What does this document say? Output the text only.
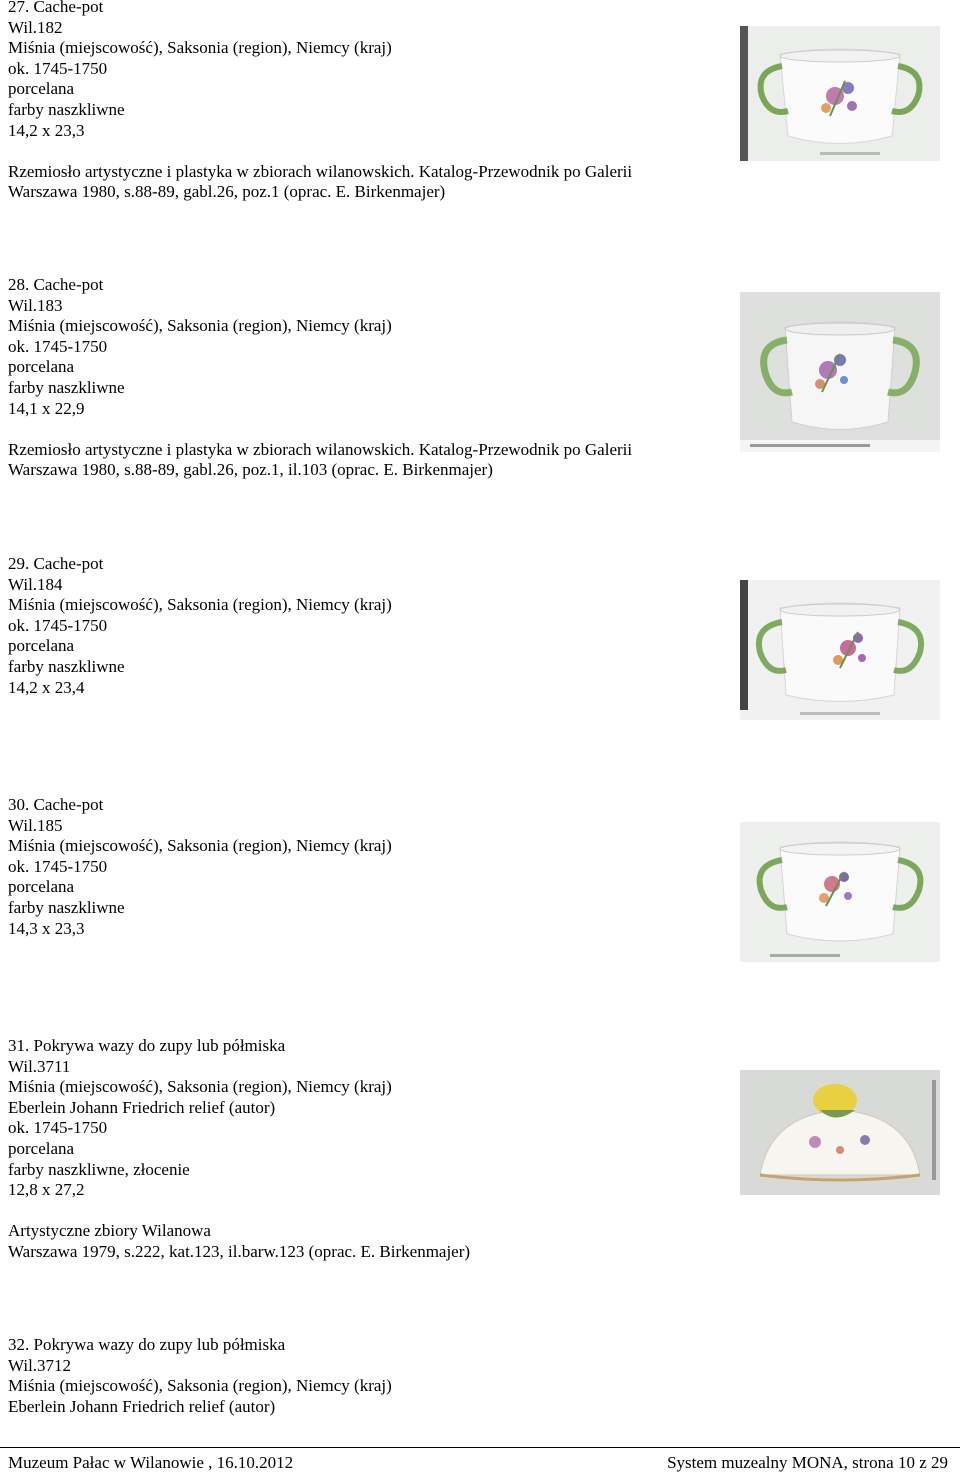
27. Cache-pot
Wil.182
Miśnia (miejscowość), Saksonia (region), Niemcy (kraj)
ok. 1745-1750
porcelana
farby naszkliwne
14,2 x 23,3
Rzemiosło artystyczne i plastyka w zbiorach wilanowskich. Katalog-Przewodnik po Galerii
Warszawa 1980, s.88-89, gabl.26, poz.1 (oprac. E. Birkenmajer)
28. Cache-pot
Wil.183
Miśnia (miejscowość), Saksonia (region), Niemcy (kraj)
ok. 1745-1750
porcelana
farby naszkliwne
14,1 x 22,9
Rzemiosło artystyczne i plastyka w zbiorach wilanowskich. Katalog-Przewodnik po Galerii
Warszawa 1980, s.88-89, gabl.26, poz.1, il.103 (oprac. E. Birkenmajer)
29. Cache-pot
Wil.184
Miśnia (miejscowość), Saksonia (region), Niemcy (kraj)
ok. 1745-1750
porcelana
farby naszkliwne
14,2 x 23,4
30. Cache-pot
Wil.185
Miśnia (miejscowość), Saksonia (region), Niemcy (kraj)
ok. 1745-1750
porcelana
farby naszkliwne
14,3 x 23,3
31. Pokrywa wazy do zupy lub półmiska
Wil.3711
Miśnia (miejscowość), Saksonia (region), Niemcy (kraj)
Eberlein Johann Friedrich relief (autor)
ok. 1745-1750
porcelana
farby naszkliwne, złocenie
12,8 x 27,2
Artystyczne zbiory Wilanowa
Warszawa 1979, s.222, kat.123, il.barw.123 (oprac. E. Birkenmajer)
32. Pokrywa wazy do zupy lub półmiska
Wil.3712
Miśnia (miejscowość), Saksonia (region), Niemcy (kraj)
Eberlein Johann Friedrich relief (autor)
Muzeum Pałac w Wilanowie , 16.10.2012	System muzealny MONA, strona 10 z 29
